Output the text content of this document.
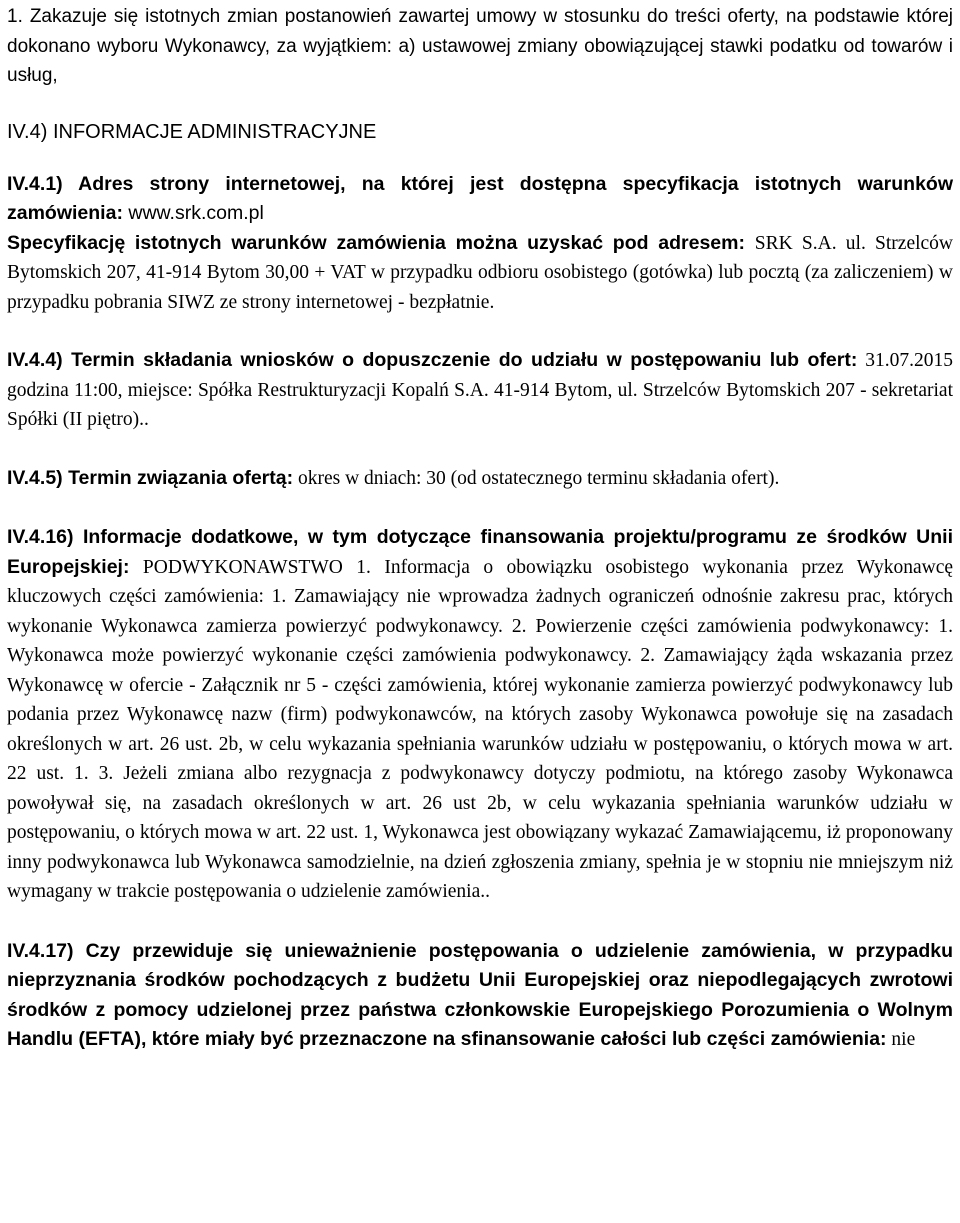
1. Zakazuje się istotnych zmian postanowień zawartej umowy w stosunku do treści oferty, na podstawie której dokonano wyboru Wykonawcy, za wyjątkiem: a) ustawowej zmiany obowiązującej stawki podatku od towarów i usług,

IV.4) INFORMACJE ADMINISTRACYJNE

IV.4.1) Adres strony internetowej, na której jest dostępna specyfikacja istotnych warunków zamówienia: www.srk.com.pl
Specyfikację istotnych warunków zamówienia można uzyskać pod adresem: SRK S.A. ul. Strzelców Bytomskich 207, 41-914 Bytom 30,00 + VAT w przypadku odbioru osobistego (gotówka) lub pocztą (za zaliczeniem) w przypadku pobrania SIWZ ze strony internetowej - bezpłatnie.

IV.4.4) Termin składania wniosków o dopuszczenie do udziału w postępowaniu lub ofert: 31.07.2015 godzina 11:00, miejsce: Spółka Restrukturyzacji Kopalń S.A. 41-914 Bytom, ul. Strzelców Bytomskich 207 - sekretariat Spółki (II piętro)..

IV.4.5) Termin związania ofertą: okres w dniach: 30 (od ostatecznego terminu składania ofert).

IV.4.16) Informacje dodatkowe, w tym dotyczące finansowania projektu/programu ze środków Unii Europejskiej: PODWYKONAWSTWO 1. Informacja o obowiązku osobistego wykonania przez Wykonawcę kluczowych części zamówienia: 1. Zamawiający nie wprowadza żadnych ograniczeń odnośnie zakresu prac, których wykonanie Wykonawca zamierza powierzyć podwykonawcy. 2. Powierzenie części zamówienia podwykonawcy: 1. Wykonawca może powierzyć wykonanie części zamówienia podwykonawcy. 2. Zamawiający żąda wskazania przez Wykonawcę w ofercie - Załącznik nr 5 - części zamówienia, której wykonanie zamierza powierzyć podwykonawcy lub podania przez Wykonawcę nazw (firm) podwykonawców, na których zasoby Wykonawca powołuje się na zasadach określonych w art. 26 ust. 2b, w celu wykazania spełniania warunków udziału w postępowaniu, o których mowa w art. 22 ust. 1. 3. Jeżeli zmiana albo rezygnacja z podwykonawcy dotyczy podmiotu, na którego zasoby Wykonawca powoływał się, na zasadach określonych w art. 26 ust 2b, w celu wykazania spełniania warunków udziału w postępowaniu, o których mowa w art. 22 ust. 1, Wykonawca jest obowiązany wykazać Zamawiającemu, iż proponowany inny podwykonawca lub Wykonawca samodzielnie, na dzień zgłoszenia zmiany, spełnia je w stopniu nie mniejszym niż wymagany w trakcie postępowania o udzielenie zamówienia..

IV.4.17) Czy przewiduje się unieważnienie postępowania o udzielenie zamówienia, w przypadku nieprzyznania środków pochodzących z budżetu Unii Europejskiej oraz niepodlegających zwrotowi środków z pomocy udzielonej przez państwa członkowskie Europejskiego Porozumienia o Wolnym Handlu (EFTA), które miały być przeznaczone na sfinansowanie całości lub części zamówienia: nie
